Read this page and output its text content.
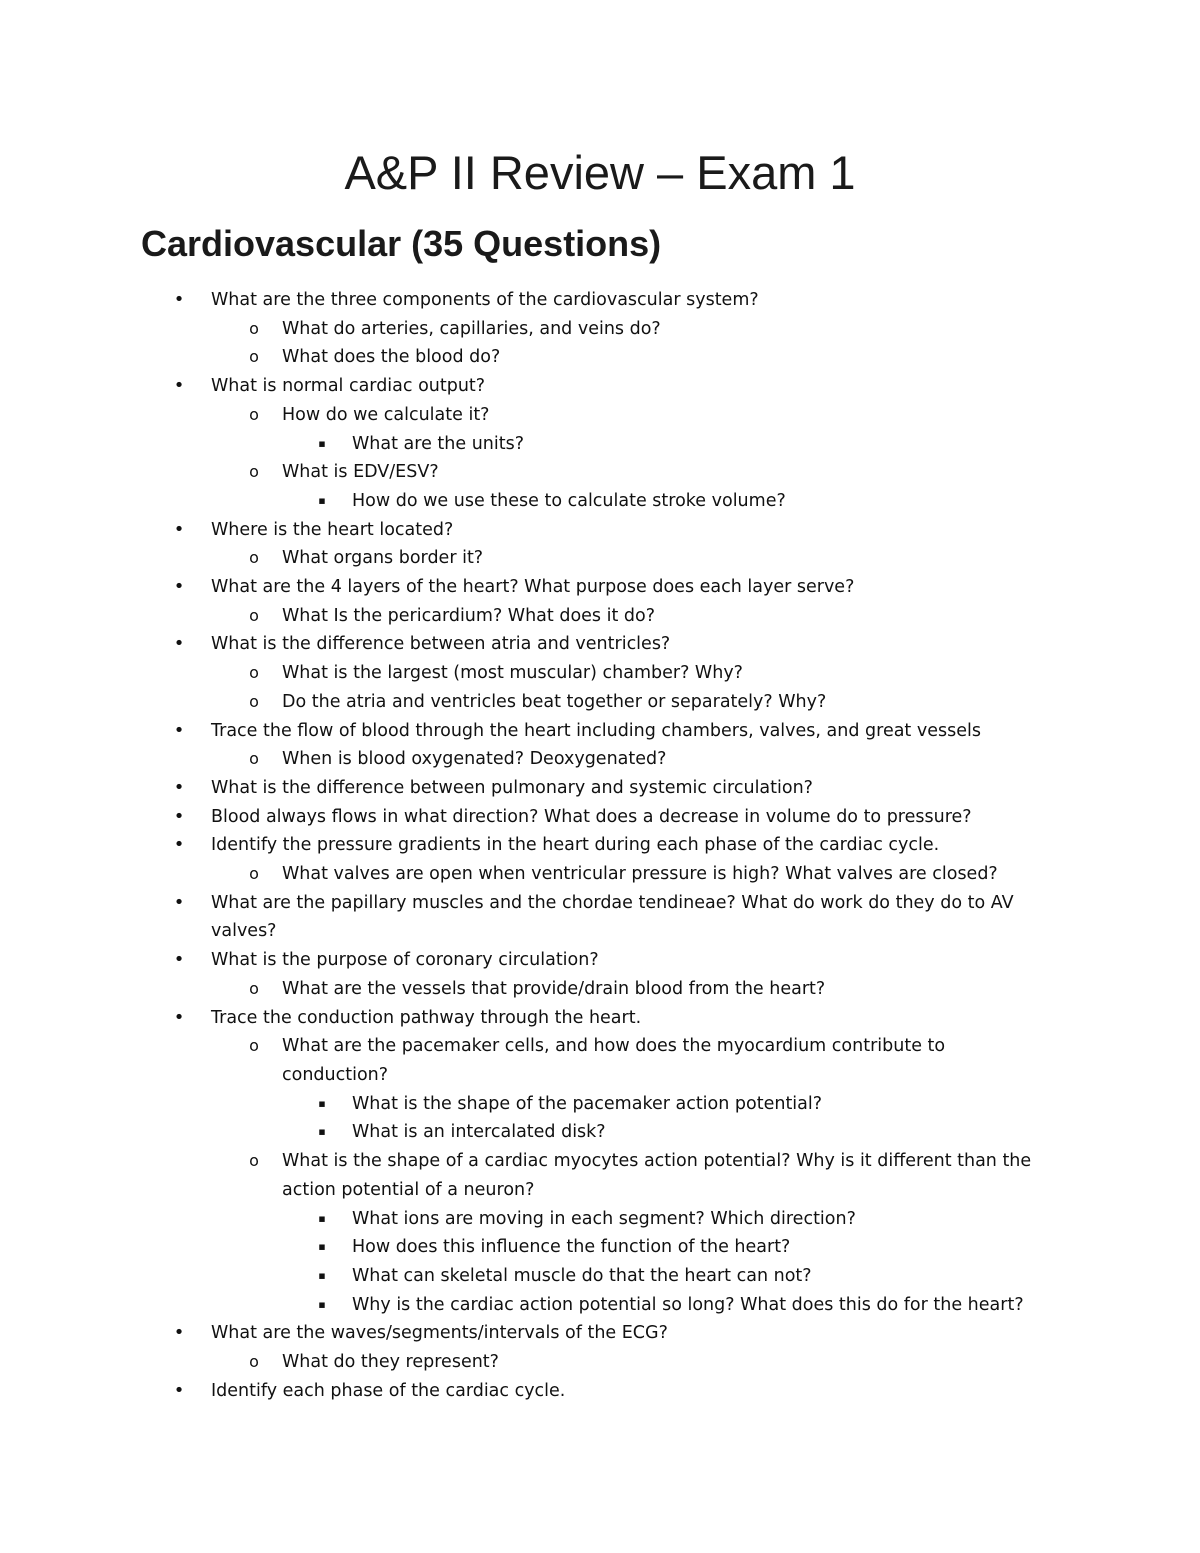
A&P II Review – Exam 1
Cardiovascular (35 Questions)
• What are the three components of the cardiovascular system?
o What do arteries, capillaries, and veins do?
o What does the blood do?
• What is normal cardiac output?
o How do we calculate it?
▪	What are the units?
o What is EDV/ESV?
▪	How do we use these to calculate stroke volume?
• Where is the heart located?
o What organs border it?
• What are the 4 layers of the heart? What purpose does each layer serve?
o What Is the pericardium? What does it do?
• What is the difference between atria and ventricles?
o What is the largest (most muscular) chamber? Why?
o Do the atria and ventricles beat together or separately? Why?
• Trace the flow of blood through the heart including chambers, valves, and great vessels
o When is blood oxygenated? Deoxygenated?
• What is the difference between pulmonary and systemic circulation?
• Blood always flows in what direction? What does a decrease in volume do to pressure?
• Identify the pressure gradients in the heart during each phase of the cardiac cycle.
o What valves are open when ventricular pressure is high? What valves are closed?
• What are the papillary muscles and the chordae tendineae? What do work do they do to AV
valves?
• What is the purpose of coronary circulation?
o What are the vessels that provide/drain blood from the heart?
• Trace the conduction pathway through the heart.
o What are the pacemaker cells, and how does the myocardium contribute to
conduction?
▪	What is the shape of the pacemaker action potential?
▪	What is an intercalated disk?
o What is the shape of a cardiac myocytes action potential? Why is it different than the
action potential of a neuron?
▪	What ions are moving in each segment? Which direction?
▪	How does this influence the function of the heart?
▪	What can skeletal muscle do that the heart can not?
▪	Why is the cardiac action potential so long? What does this do for the heart?
• What are the waves/segments/intervals of the ECG?
o What do they represent?
• Identify each phase of the cardiac cycle.
